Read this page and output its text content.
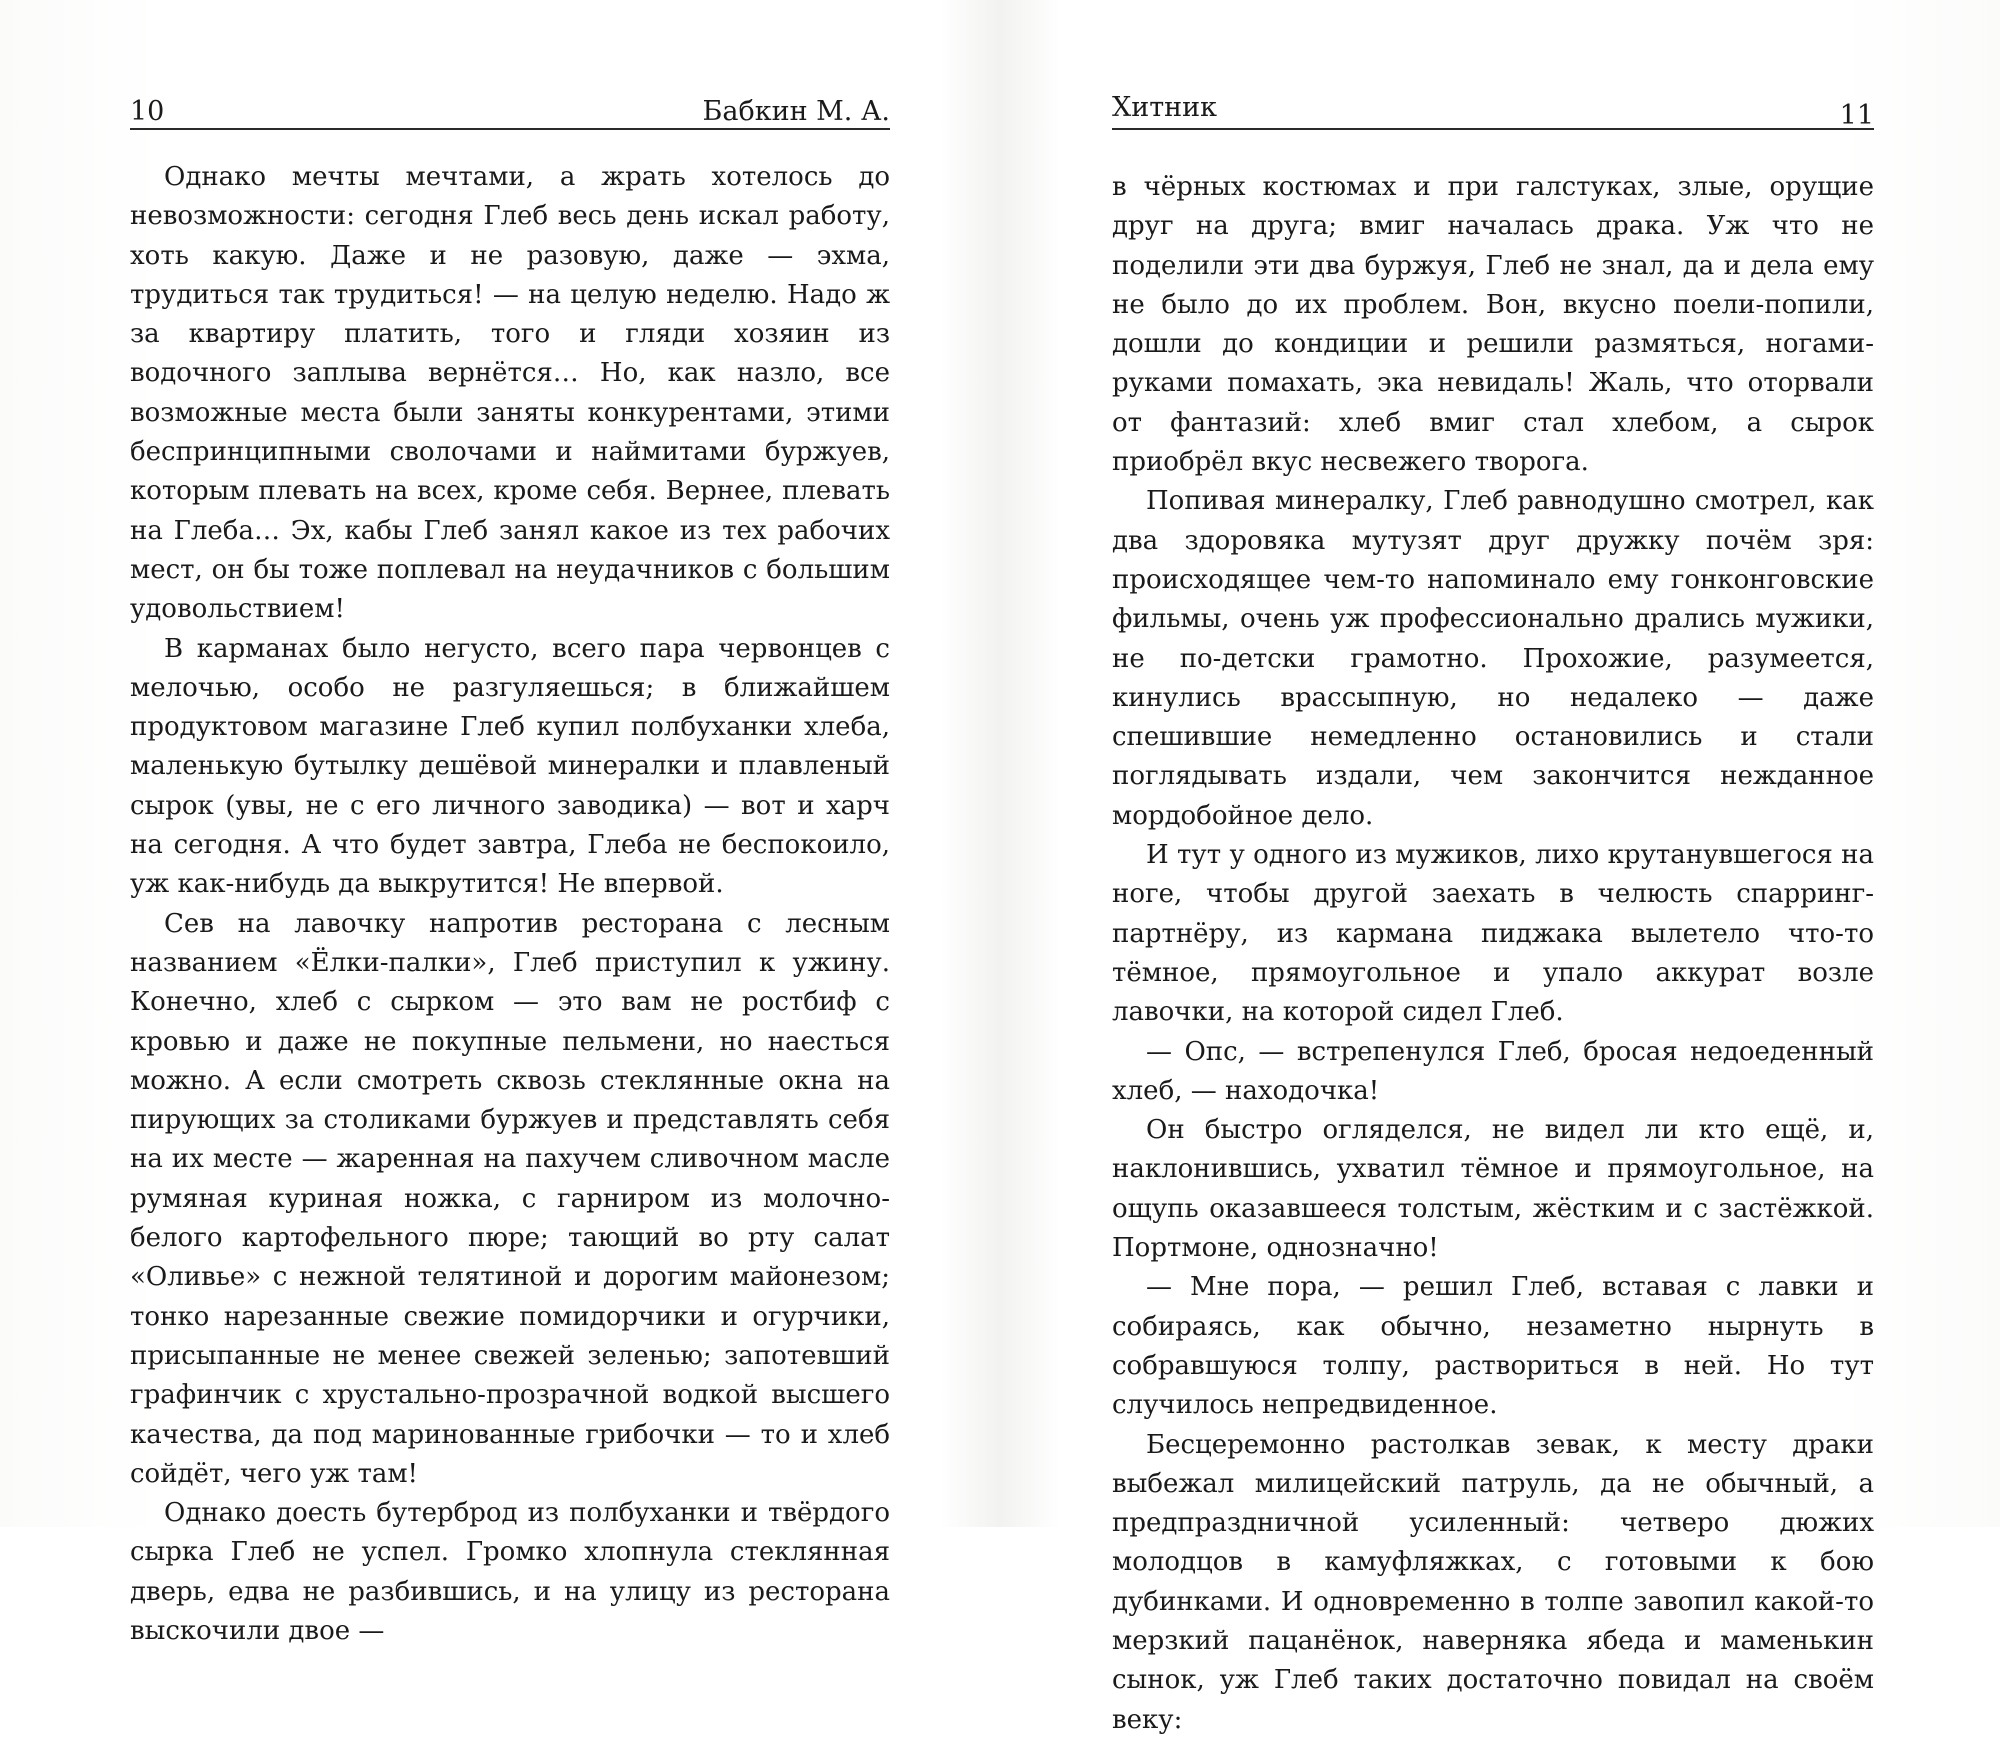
10	Бабкин М. А.

Однако мечты мечтами, а жрать хотелось до невозможности: сегодня Глеб весь день искал работу, хоть какую. Даже и не разовую, даже — эхма, трудиться так трудиться! — на целую неделю. Надо ж за квартиру платить, того и гляди хозяин из водочного заплыва вернётся… Но, как назло, все возможные места были заняты конкурентами, этими беспринципными сволочами и наймитами буржуев, которым плевать на всех, кроме себя. Вернее, плевать на Глеба… Эх, кабы Глеб занял какое из тех рабочих мест, он бы тоже поплевал на неудачников с большим удовольствием!

В карманах было негусто, всего пара червонцев с мелочью, особо не разгуляешься; в ближайшем продуктовом магазине Глеб купил полбуханки хлеба, маленькую бутылку дешёвой минералки и плавленый сырок (увы, не с его личного заводика) — вот и харч на сегодня. А что будет завтра, Глеба не беспокоило, уж как-нибудь да выкрутится! Не впервой.

Сев на лавочку напротив ресторана с лесным названием «Ёлки-палки», Глеб приступил к ужину. Конечно, хлеб с сырком — это вам не ростбиф с кровью и даже не покупные пельмени, но наесться можно. А если смотреть сквозь стеклянные окна на пирующих за столиками буржуев и представлять себя на их месте — жаренная на пахучем сливочном масле румяная куриная ножка, с гарниром из молочно-белого картофельного пюре; тающий во рту салат «Оливье» с нежной телятиной и дорогим майонезом; тонко нарезанные свежие помидорчики и огурчики, присыпанные не менее свежей зеленью; запотевший графинчик с хрустально-прозрачной водкой высшего качества, да под маринованные грибочки — то и хлеб сойдёт, чего уж там!

Однако доесть бутерброд из полбуханки и твёрдого сырка Глеб не успел. Громко хлопнула стеклянная дверь, едва не разбившись, и на улицу из ресторана выскочили двое —

Хитник	11

в чёрных костюмах и при галстуках, злые, орущие друг на друга; вмиг началась драка. Уж что не поделили эти два буржуя, Глеб не знал, да и дела ему не было до их проблем. Вон, вкусно поели-попили, дошли до кондиции и решили размяться, ногами-руками помахать, эка невидаль! Жаль, что оторвали от фантазий: хлеб вмиг стал хлебом, а сырок приобрёл вкус несвежего творога.

Попивая минералку, Глеб равнодушно смотрел, как два здоровяка мутузят друг дружку почём зря: происходящее чем-то напоминало ему гонконговские фильмы, очень уж профессионально дрались мужики, не по-детски грамотно. Прохожие, разумеется, кинулись врассыпную, но недалеко — даже спешившие немедленно остановились и стали поглядывать издали, чем закончится нежданное мордобойное дело.

И тут у одного из мужиков, лихо крутанувшегося на ноге, чтобы другой заехать в челюсть спарринг-партнёру, из кармана пиджака вылетело что-то тёмное, прямоугольное и упало аккурат возле лавочки, на которой сидел Глеб.

— Опс, — встрепенулся Глеб, бросая недоеденный хлеб, — находочка!

Он быстро огляделся, не видел ли кто ещё, и, наклонившись, ухватил тёмное и прямоугольное, на ощупь оказавшееся толстым, жёстким и с застёжкой. Портмоне, однозначно!

— Мне пора, — решил Глеб, вставая с лавки и собираясь, как обычно, незаметно нырнуть в собравшуюся толпу, раствориться в ней. Но тут случилось непредвиденное.

Бесцеремонно растолкав зевак, к месту драки выбежал милицейский патруль, да не обычный, а предпраздничной усиленный: четверо дюжих молодцов в камуфляжках, с готовыми к бою дубинками. И одновременно в толпе завопил какой-то мерзкий пацанёнок, наверняка ябеда и маменькин сынок, уж Глеб таких достаточно повидал на своём веку:
